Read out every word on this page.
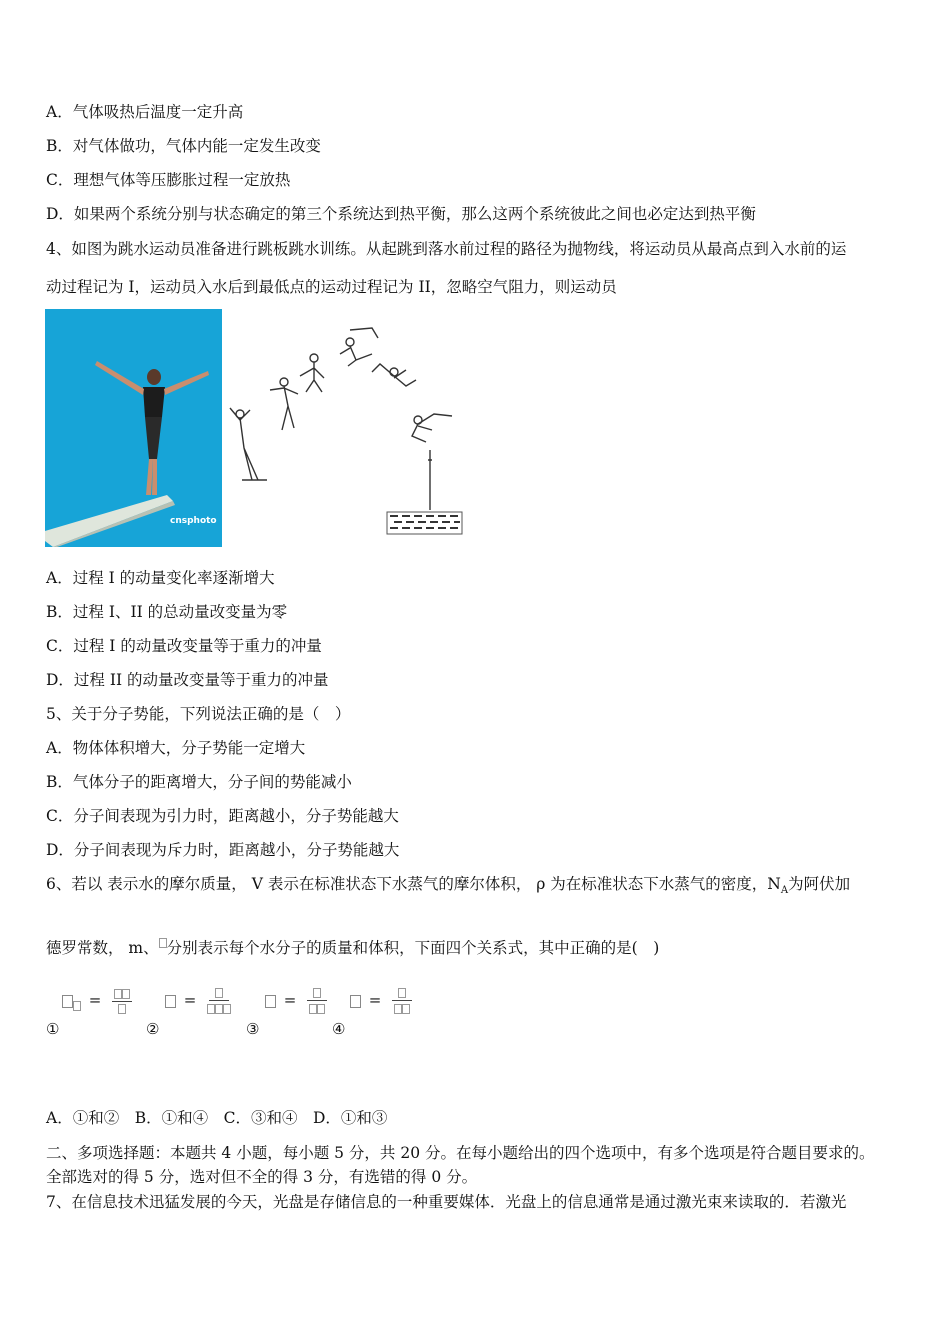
A．气体吸热后温度一定升高
B．对气体做功，气体内能一定发生改变
C．理想气体等压膨胀过程一定放热
D．如果两个系统分别与状态确定的第三个系统达到热平衡，那么这两个系统彼此之间也必定达到热平衡
4、如图为跳水运动员准备进行跳板跳水训练。从起跳到落水前过程的路径为抛物线，将运动员从最高点到入水前的运
动过程记为 I，运动员入水后到最低点的运动过程记为 II，忽略空气阻力，则运动员
cnsphoto
A．过程 I 的动量变化率逐渐增大
B．过程 I、II 的总动量改变量为零
C．过程 I 的动量改变量等于重力的冲量
D．过程 II 的动量改变量等于重力的冲量
5、关于分子势能，下列说法正确的是（　）
A．物体体积增大，分子势能一定增大
B．气体分子的距离增大，分子间的势能减小
C．分子间表现为引力时，距离越小，分子势能越大
D．分子间表现为斥力时，距离越小，分子势能越大
6、若以 表示水的摩尔质量， V 表示在标准状态下水蒸气的摩尔体积， ρ 为在标准状态下水蒸气的密度，$N_A$为阿伏加
德罗常数， m、 分别表示每个水分子的质量和体积，下面四个关系式，其中正确的是(　)
=	=	=	=
①	②	③	④
A．①和②　B．①和④　C．③和④　D．①和③
二、多项选择题：本题共 4 小题，每小题 5 分，共 20 分。在每小题给出的四个选项中，有多个选项是符合题目要求的。
全部选对的得 5 分，选对但不全的得 3 分，有选错的得 0 分。
7、在信息技术迅猛发展的今天，光盘是存储信息的一种重要媒体．光盘上的信息通常是通过激光束来读取的．若激光
